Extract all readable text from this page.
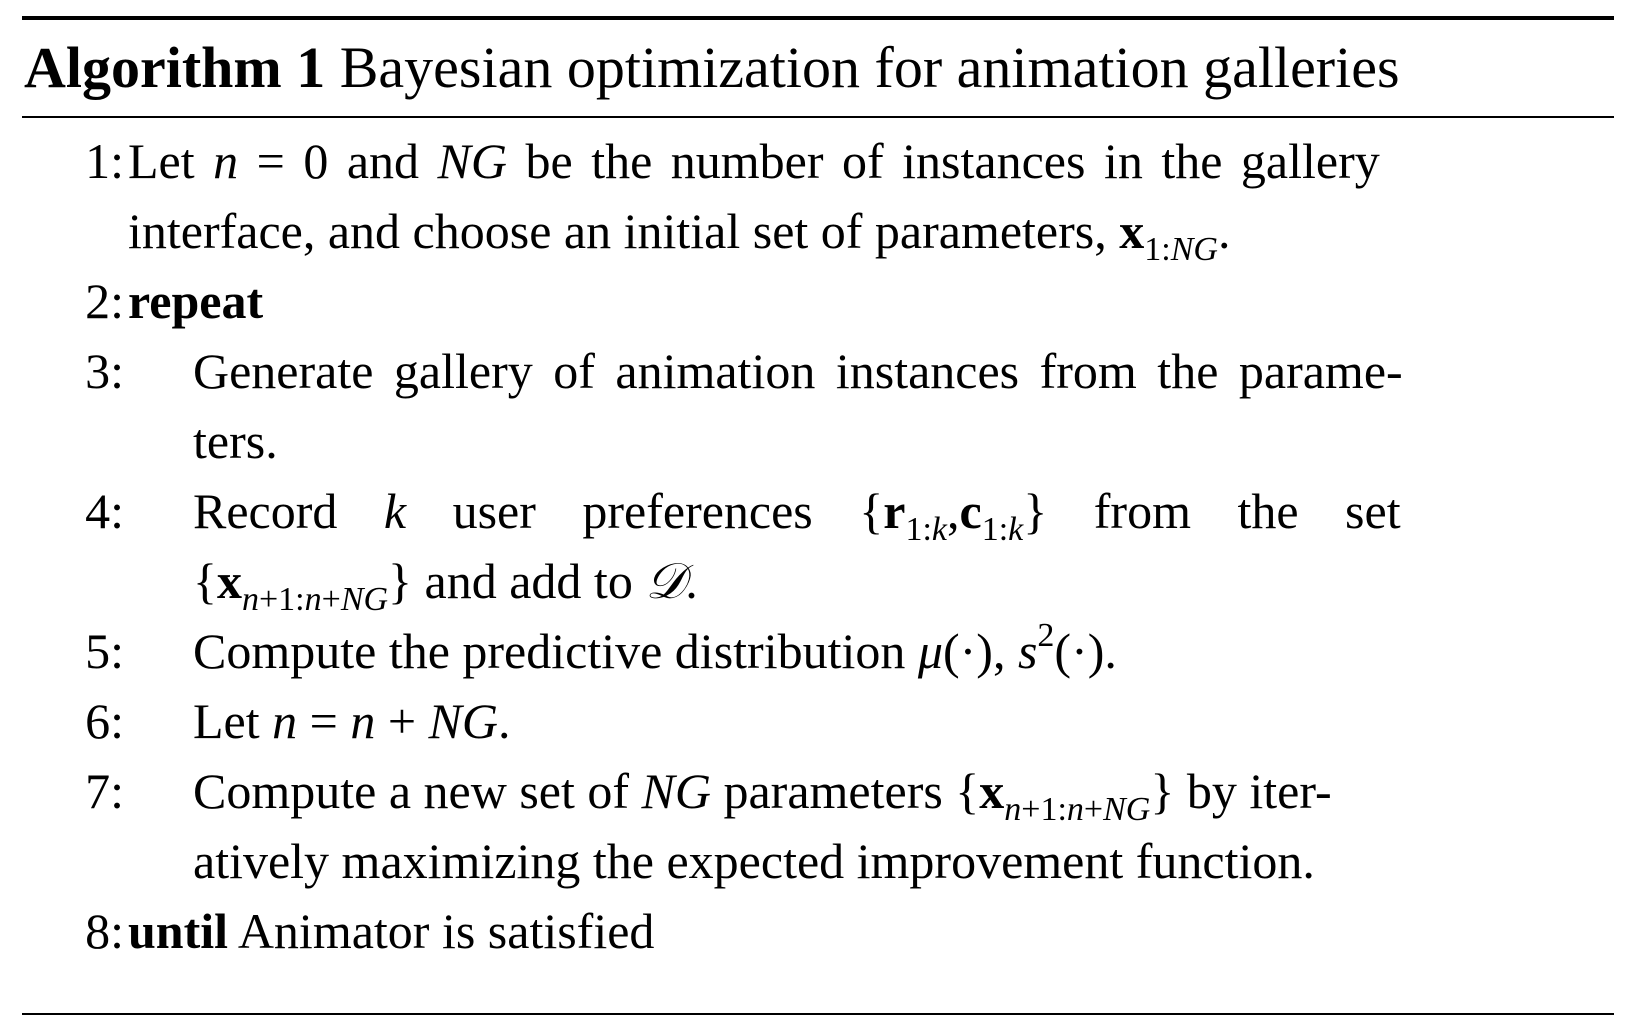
Algorithm 1 Bayesian optimization for animation galleries
1: Let n = 0 and NG be the number of instances in the gallery
interface, and choose an initial set of parameters, $x_{1:NG}$.
2: repeat
3: Generate gallery of animation instances from the parame-
ters.
4: Record k user preferences $\{r_{1:k},c_{1:k}\}$ from the set
$\{x_{n+1:n+NG}\}$ and add to 𝒟.
5: Compute the predictive distribution μ(·), $s^2(\cdot)$.
6: Let n = n + NG.
7: Compute a new set of NG parameters $\{x_{n+1:n+NG}\}$ by iter-
atively maximizing the expected improvement function.
8: until Animator is satisfied
